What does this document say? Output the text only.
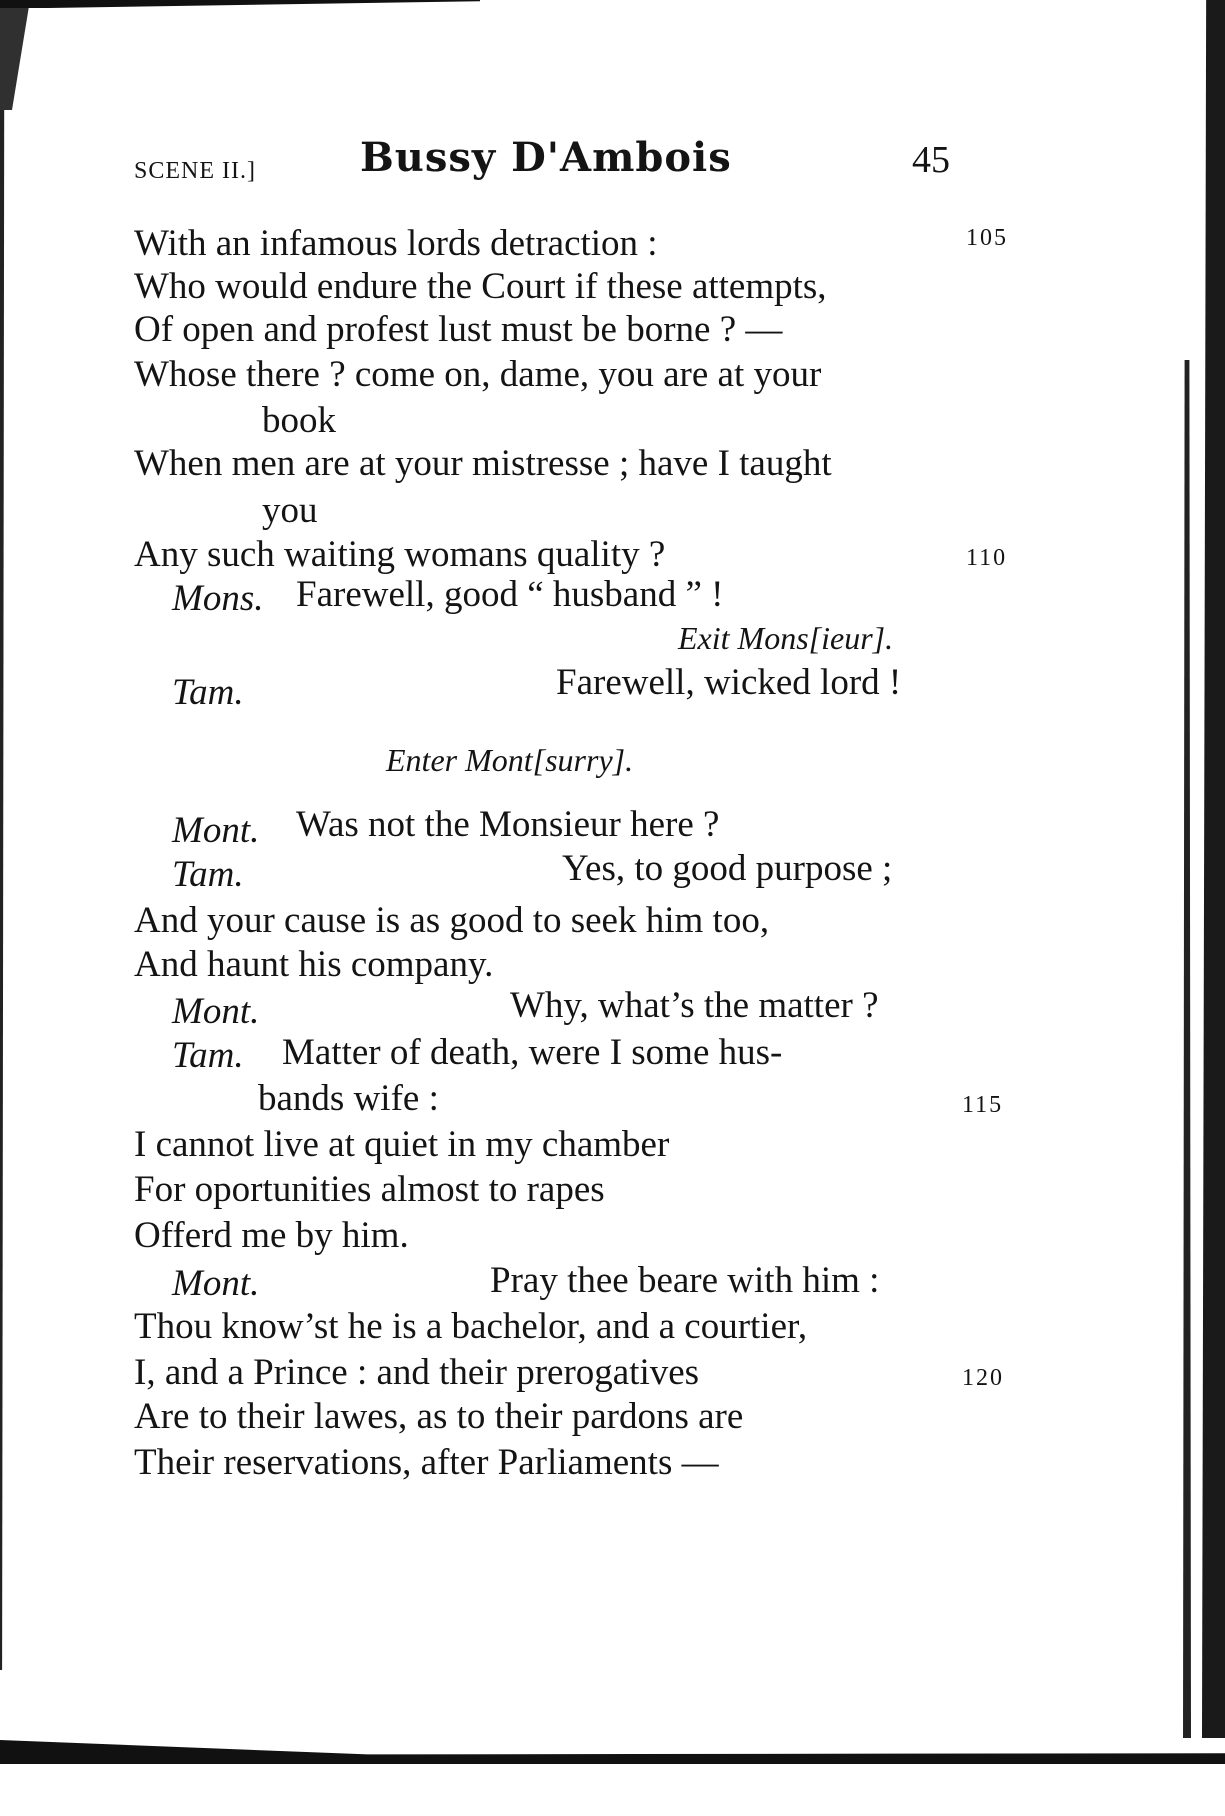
SCENE II.]	Bussy D'Ambois	45
With an infamous lords detraction :	105
Who would endure the Court if these attempts,
Of open and profest lust must be borne ? —
Whose there ? come on, dame, you are at your
book
When men are at your mistresse ; have I taught
you
Any such waiting womans quality ?	110
Mons. Farewell, good “ husband ” !
Exit Mons[ieur].
Tam.	Farewell, wicked lord !
Enter Mont[surry].
Mont. Was not the Monsieur here ?
Tam.	Yes, to good purpose ;
And your cause is as good to seek him too,
And haunt his company.
Mont.	Why, what’s the matter ?
Tam. Matter of death, were I some hus-
bands wife :	115
I cannot live at quiet in my chamber
For oportunities almost to rapes
Offerd me by him.
Mont.	Pray thee beare with him :
Thou know’st he is a bachelor, and a courtier,
I, and a Prince : and their prerogatives	120
Are to their lawes, as to their pardons are
Their reservations, after Parliaments —
